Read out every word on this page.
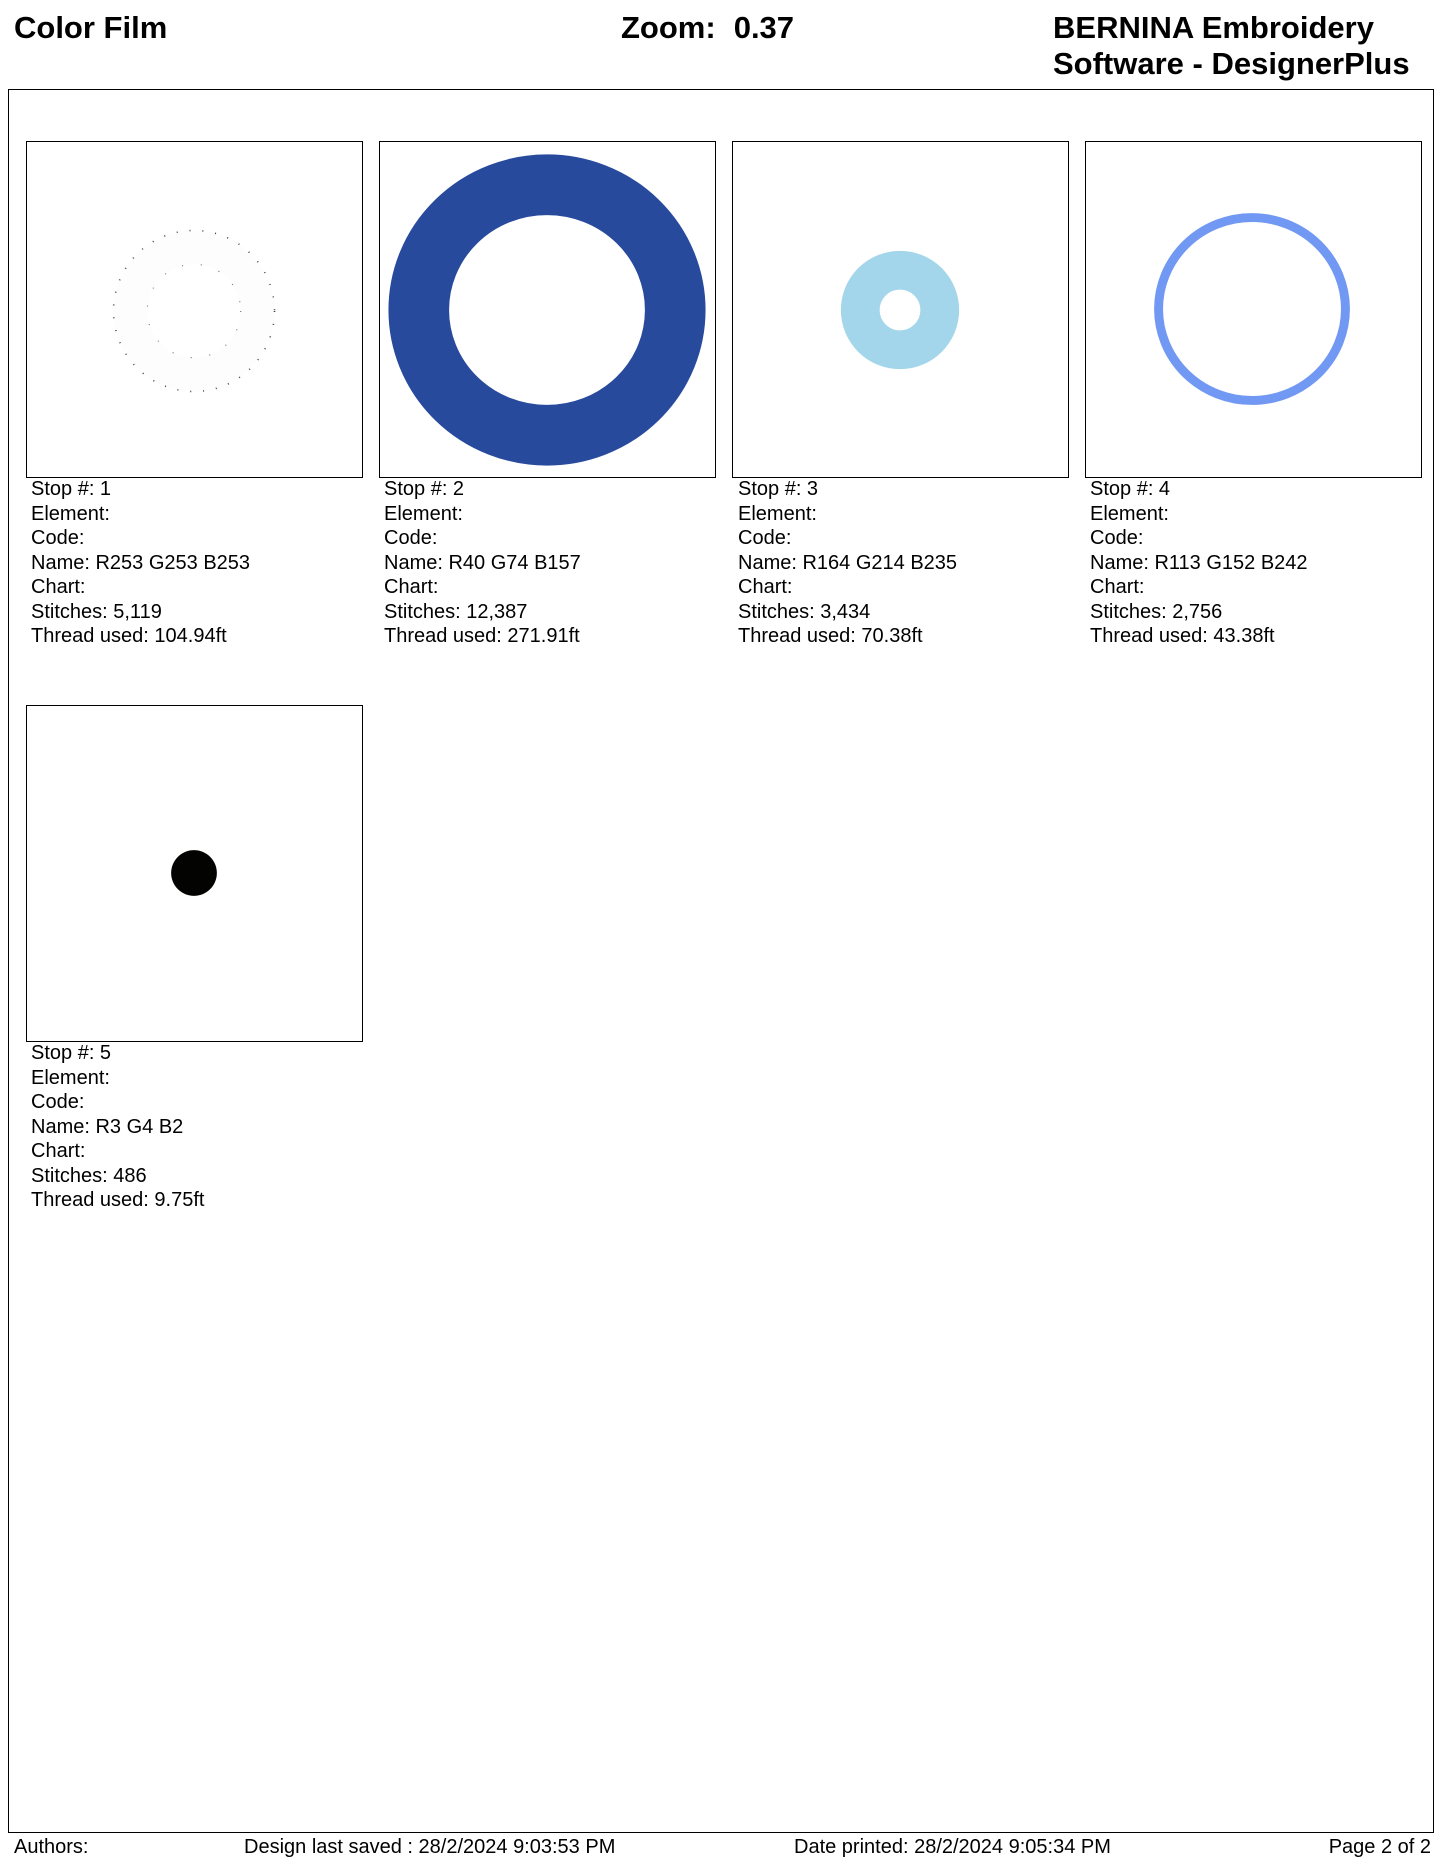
Color Film	Zoom: 0.37	BERNINA Embroidery
Software - DesignerPlus
Stop #: 1
Element:
Code:
Name: R253 G253 B253
Chart:
Stitches: 5,119
Thread used: 104.94ft
Stop #: 2
Element:
Code:
Name: R40 G74 B157
Chart:
Stitches: 12,387
Thread used: 271.91ft
Stop #: 3
Element:
Code:
Name: R164 G214 B235
Chart:
Stitches: 3,434
Thread used: 70.38ft
Stop #: 4
Element:
Code:
Name: R113 G152 B242
Chart:
Stitches: 2,756
Thread used: 43.38ft
Stop #: 5
Element:
Code:
Name: R3 G4 B2
Chart:
Stitches: 486
Thread used: 9.75ft
Authors:	Design last saved : 28/2/2024 9:03:53 PM	Date printed: 28/2/2024 9:05:34 PM	Page 2 of 2
